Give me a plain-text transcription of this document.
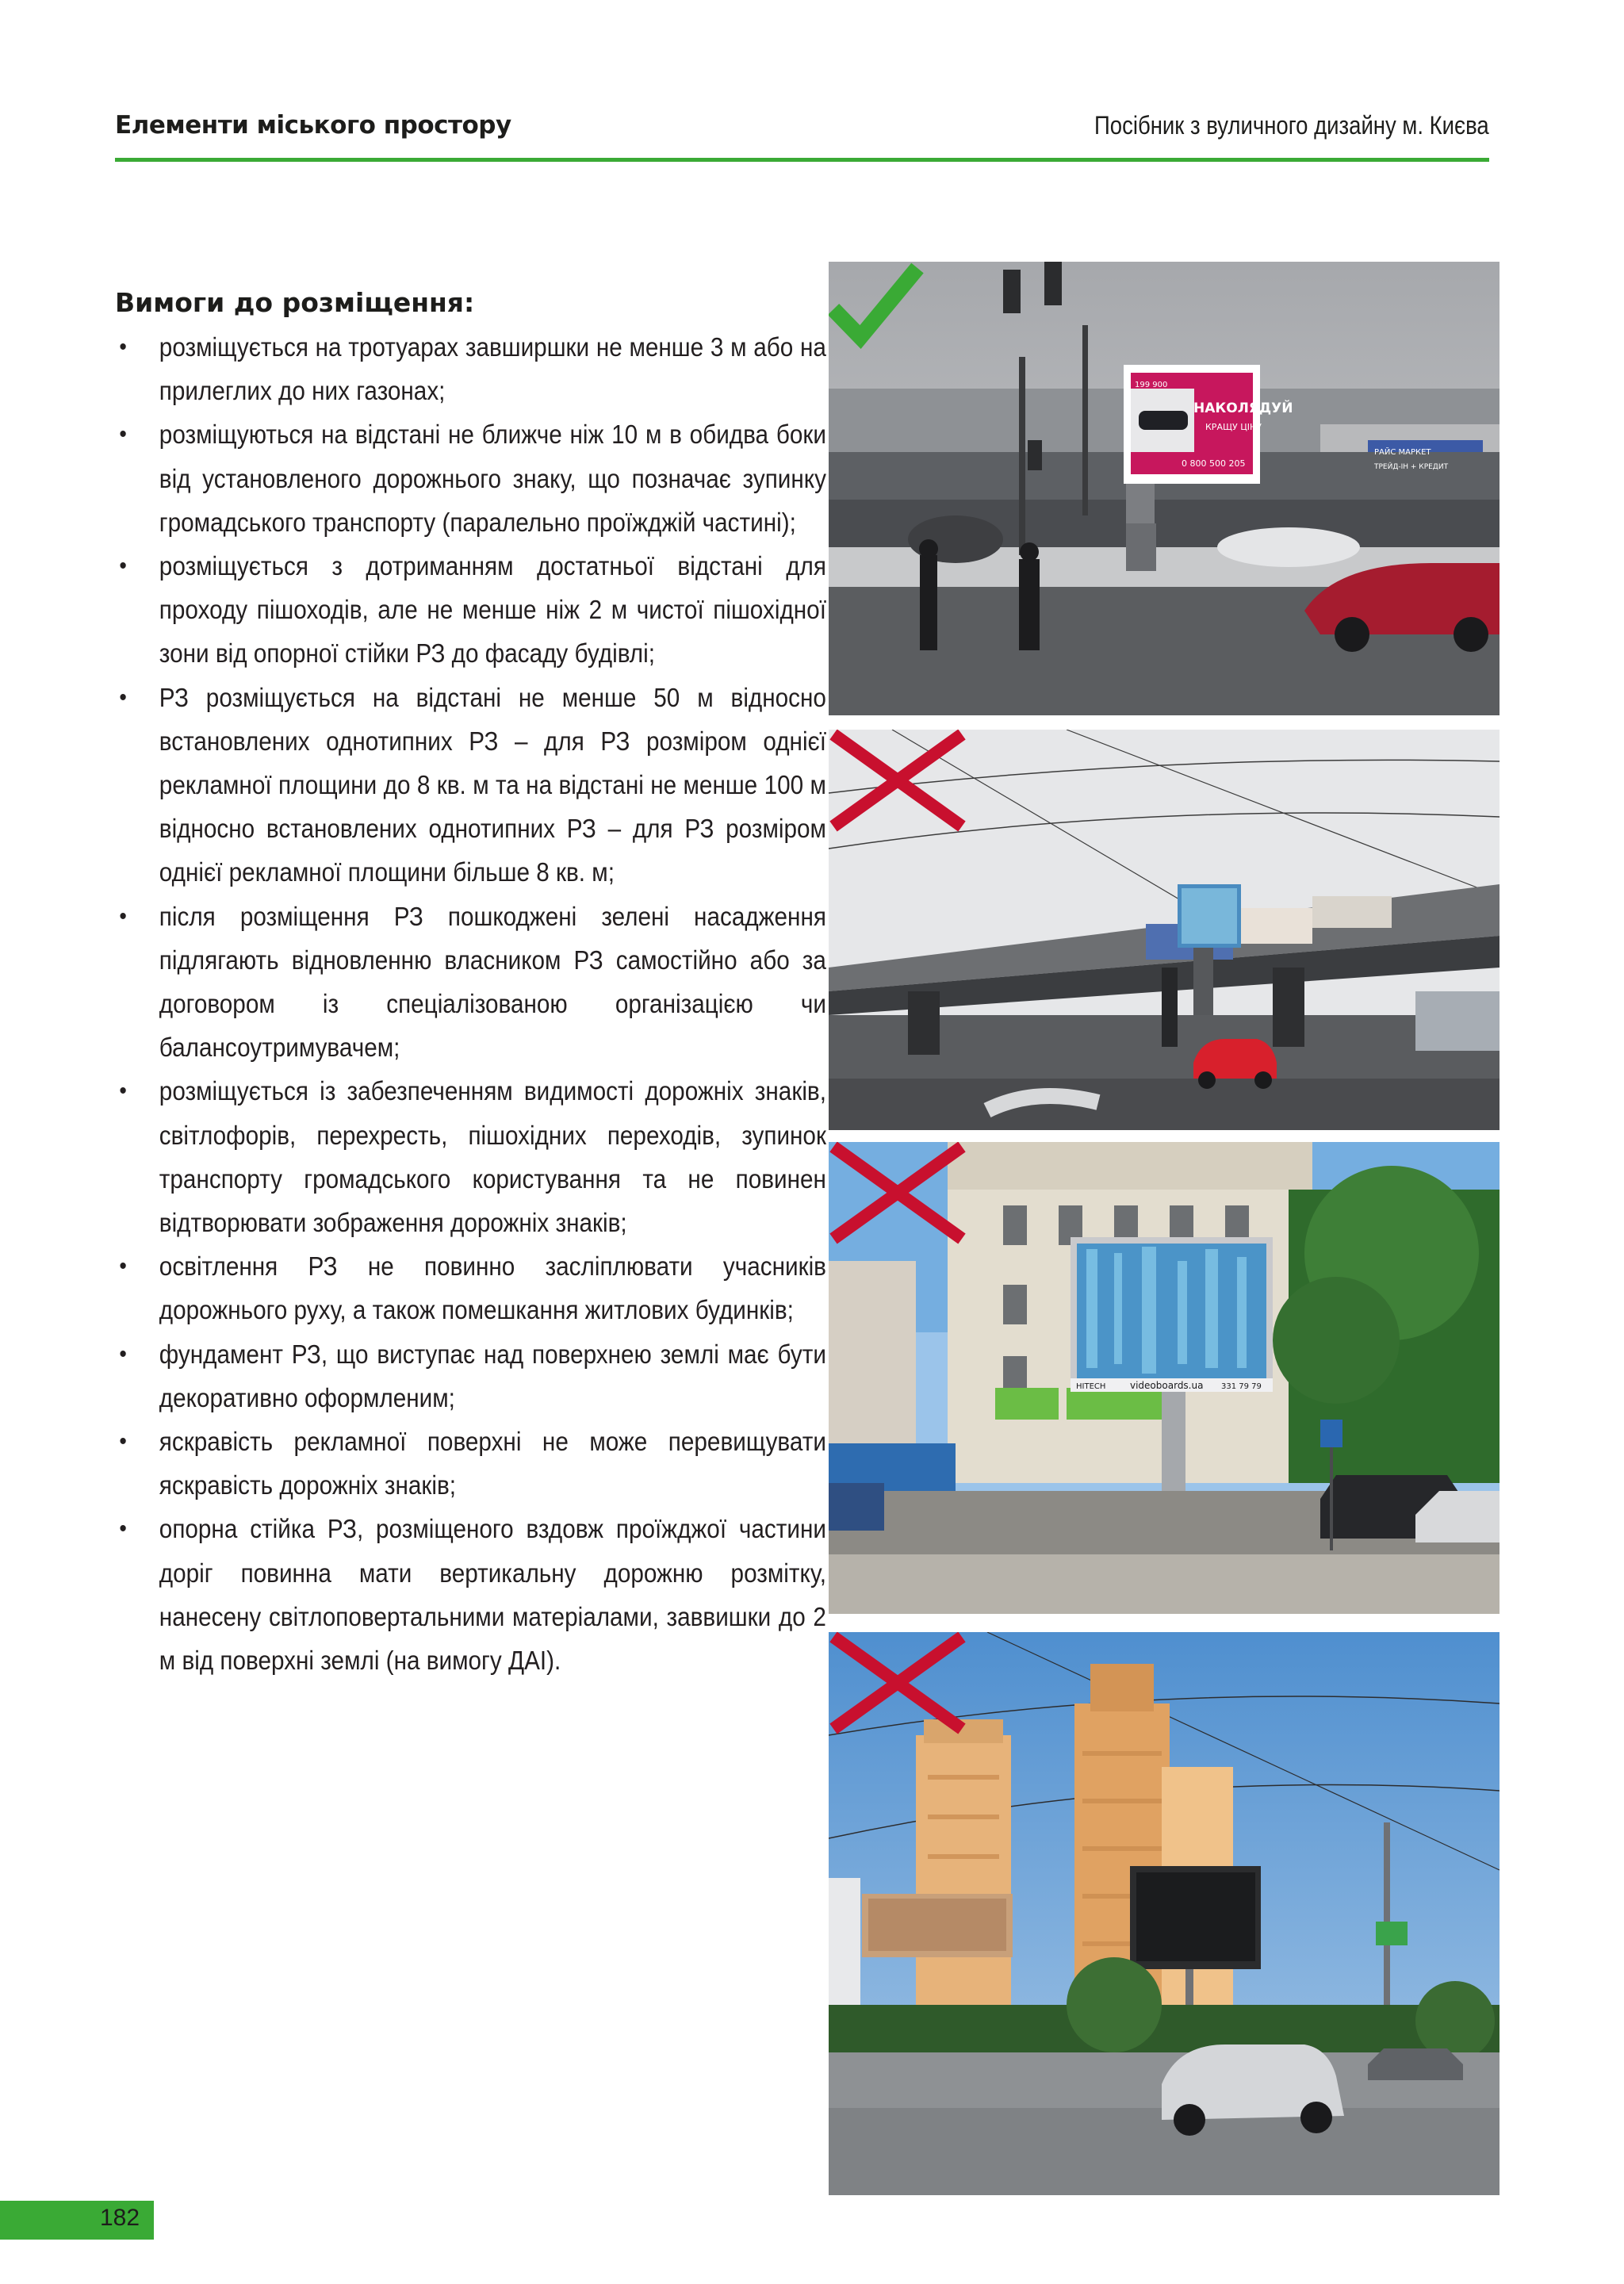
Елементи міського простору	Посібник з вуличного дизайну м. Києва
Вимоги до розміщення:
• розміщується на тротуарах завширшки не менше 3 м або на прилеглих до них газонах;
• розміщуються на відстані не ближче ніж 10 м в обидва боки від установленого дорожнього знаку, що позначає зупинку громадського транспорту (паралельно проїжджій частині);
• розміщується з дотриманням достатньої відстані для проходу пішоходів, але не менше ніж 2 м чистої пішохідної зони від опорної стійки РЗ до фасаду будівлі;
• РЗ розміщується на відстані не менше 50 м відносно встановлених однотипних РЗ – для РЗ розміром однієї рекламної площини до 8 кв. м та на відстані не менше 100 м відносно встановлених однотипних РЗ – для РЗ розміром однієї рекламної площини більше 8 кв. м;
• після розміщення РЗ пошкоджені зелені насадження підлягають відновленню власником РЗ самостійно або за договором із спеціалізованою організацією чи балансоутримувачем;
• розміщується із забезпеченням видимості дорожніх знаків, світлофорів, перехресть, пішохідних переходів, зупинок транспорту громадського користування та не повинен відтворювати зображення дорожніх знаків;
• освітлення РЗ не повинно засліплювати учасників дорожнього руху, а також помешкання житлових будинків;
• фундамент РЗ, що виступає над поверхнею землі має бути декоративно оформленим;
• яскравість рекламної поверхні не може перевищувати яскравість дорожніх знаків;
• опорна стійка РЗ, розміщеного вздовж проїжджої частини доріг повинна мати вертикальну дорожню розмітку, нанесену світлоповертальними матеріалами, заввишки до 2 м від поверхні землі (на вимогу ДАІ).
НАКОЛЯДУЙ
КРАЩУ ЦІНУ
0 800 500 205
199 900
РАЙС МАРКЕТ
ТРЕЙД-ІН + КРЕДИТ
HITECH	videoboards.ua 331 79 79
182
